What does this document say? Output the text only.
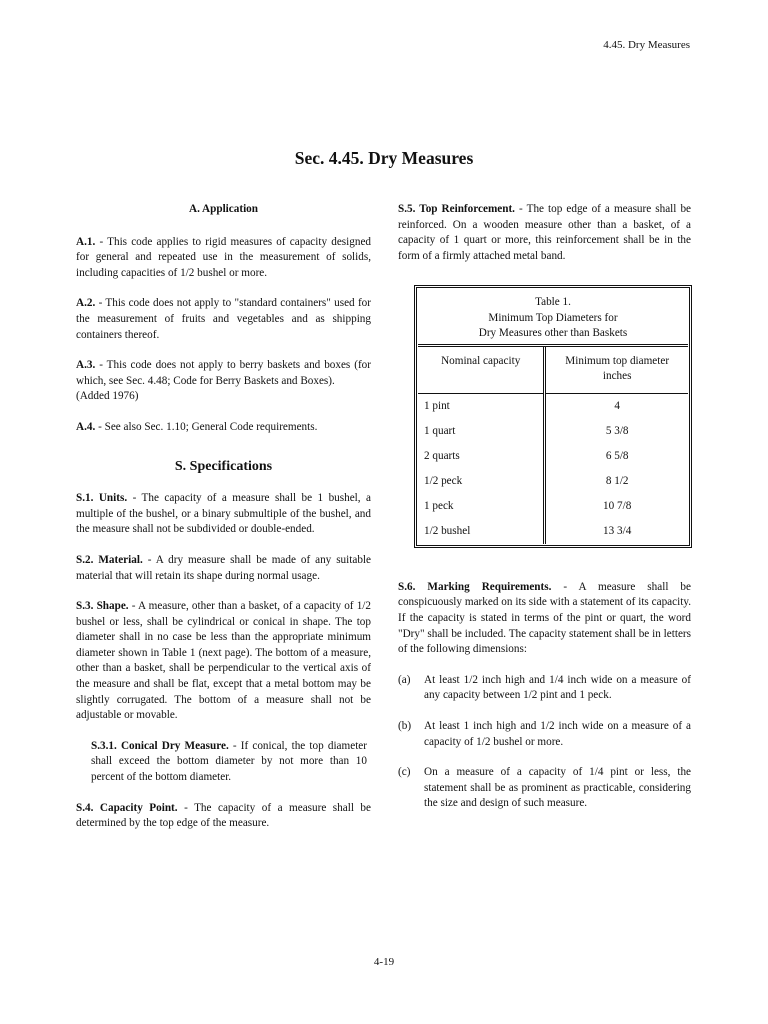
4.45. Dry Measures
Sec. 4.45. Dry Measures
A. Application

A.1. - This code applies to rigid measures of capacity designed for general and repeated use in the measurement of solids, including capacities of 1/2 bushel or more.

A.2. - This code does not apply to "standard containers" used for the measurement of fruits and vegetables and as shipping containers thereof.

A.3. - This code does not apply to berry baskets and boxes (for which, see Sec. 4.48; Code for Berry Baskets and Boxes).

(Added 1976)

A.4. - See also Sec. 1.10; General Code requirements.

S. Specifications

S.1. Units. - The capacity of a measure shall be 1 bushel, a multiple of the bushel, or a binary submultiple of the bushel, and the measure shall not be subdivided or double-ended.

S.2. Material. - A dry measure shall be made of any suitable material that will retain its shape during normal usage.

S.3. Shape. - A measure, other than a basket, of a capacity of 1/2 bushel or less, shall be cylindrical or conical in shape. The top diameter shall in no case be less than the appropriate minimum diameter shown in Table 1 (next page). The bottom of a measure, other than a basket, shall be perpendicular to the vertical axis of the measure and shall be flat, except that a metal bottom may be slightly corrugated. The bottom of a measure shall not be adjustable or movable.

S.3.1. Conical Dry Measure. - If conical, the top diameter shall exceed the bottom diameter by not more than 10 percent of the bottom diameter.

S.4. Capacity Point. - The capacity of a measure shall be determined by the top edge of the measure.

S.5. Top Reinforcement. - The top edge of a measure shall be reinforced. On a wooden measure other than a basket, of a capacity of 1 quart or more, this reinforcement shall be in the form of a firmly attached metal band.

Table 1.
Minimum Top Diameters for
Dry Measures other than Baskets	

Nominal capacity	Minimum top diameter
inches

1 pint	4
1 quart	5 3/8
2 quarts	6 5/8
1/2 peck	8 1/2
1 peck	10 7/8
1/2 bushel	13 3/4

S.6. Marking Requirements. - A measure shall be conspicuously marked on its side with a statement of its capacity. If the capacity is stated in terms of the pint or quart, the word "Dry" shall be included. The capacity statement shall be in letters of the following dimensions:

(a)	At least 1/2 inch high and 1/4 inch wide on a measure of any capacity between 1/2 pint and 1 peck.
(b)	At least 1 inch high and 1/2 inch wide on a measure of a capacity of 1/2 bushel or more.
(c)	On a measure of a capacity of 1/4 pint or less, the statement shall be as prominent as practicable, considering the size and design of such measure.
4-19
